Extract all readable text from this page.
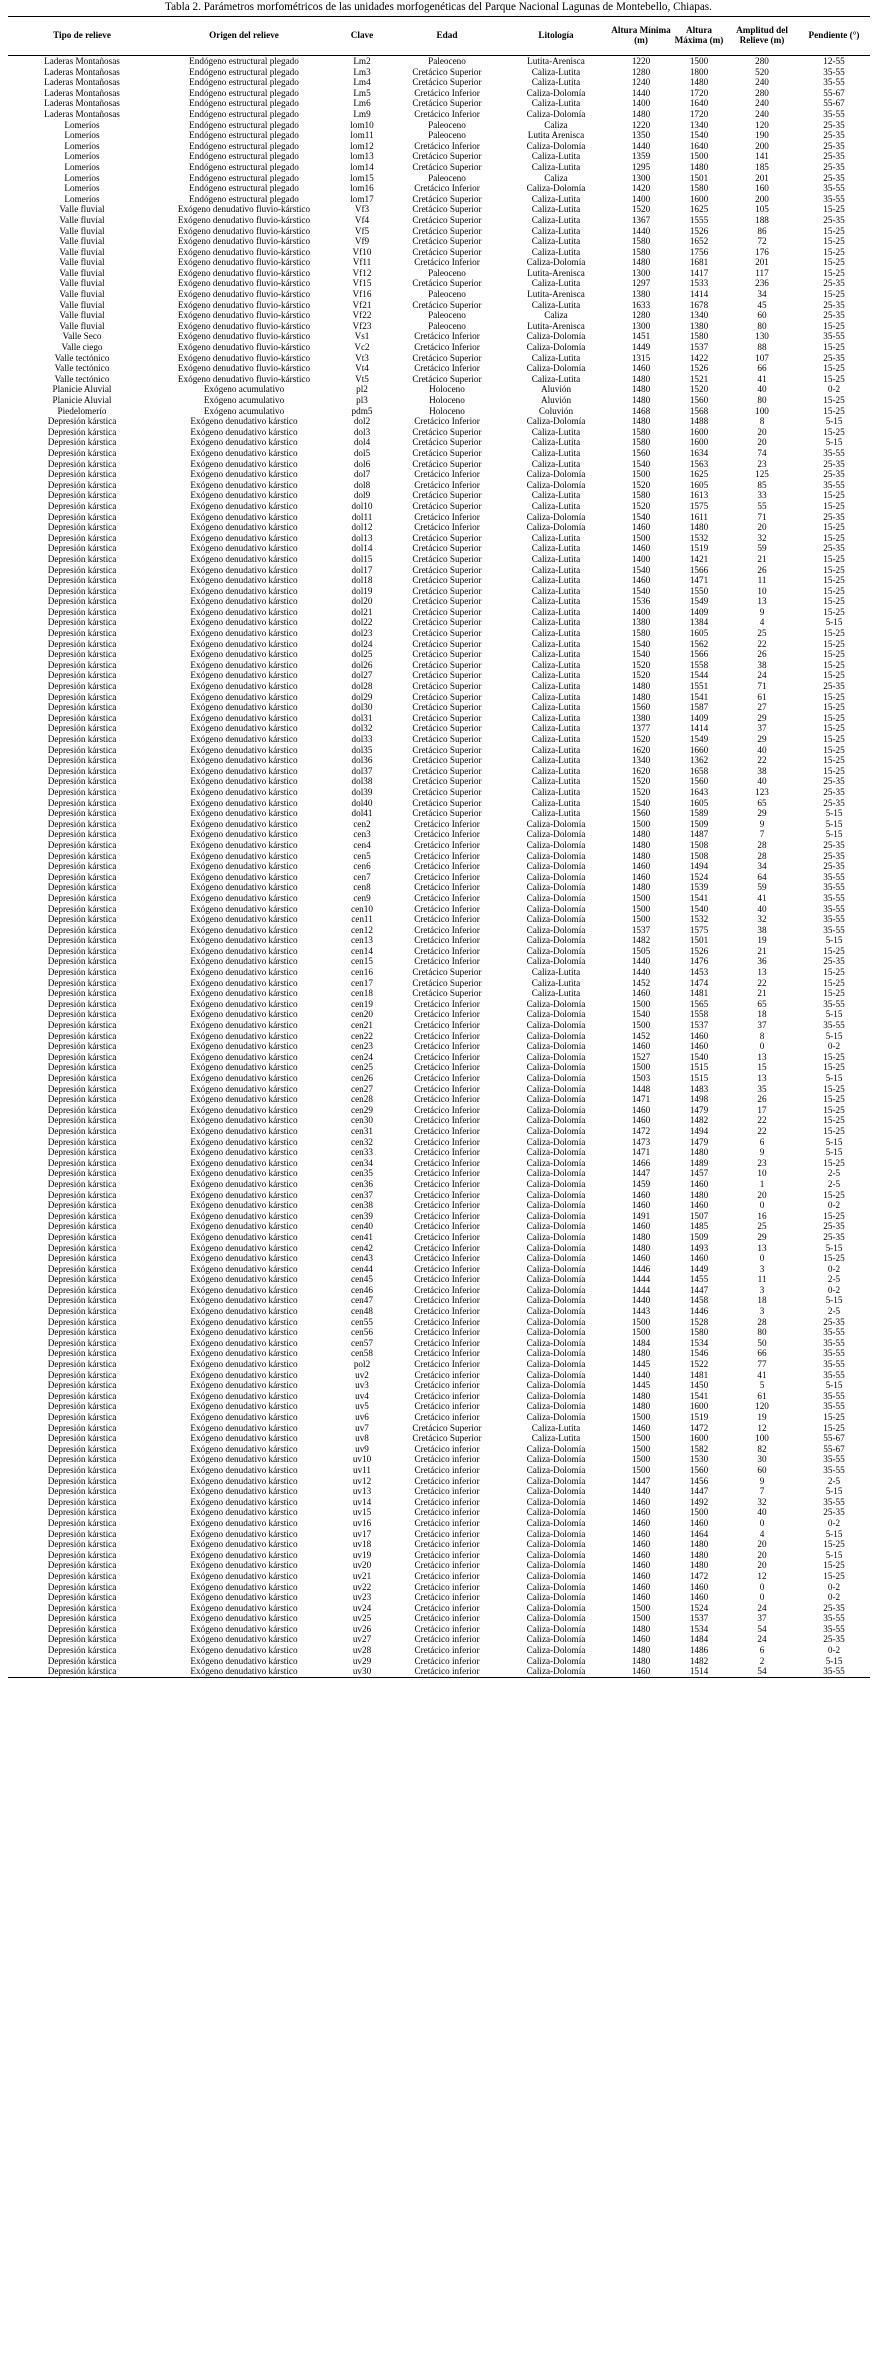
Tabla 2. Parámetros morfométricos de las unidades morfogenéticas del Parque Nacional Lagunas de Montebello, Chiapas.
Tipo de relieve	Origen del relieve	Clave	Edad	Litología	Altura Mínima (m)	Altura Máxima (m)	Amplitud del Relieve (m)	Pendiente (°)
Laderas Montañosas	Endógeno estructural plegado	Lm2	Paleoceno	Lutita-Arenisca	1220	1500	280	12-55
Laderas Montañosas	Endógeno estructural plegado	Lm3	Cretácico Superior	Caliza-Lutita	1280	1800	520	35-55
Laderas Montañosas	Endógeno estructural plegado	Lm4	Cretácico Superior	Caliza-Lutita	1240	1480	240	35-55
Laderas Montañosas	Endógeno estructural plegado	Lm5	Cretácico Inferior	Caliza-Dolomía	1440	1720	280	55-67
Laderas Montañosas	Endógeno estructural plegado	Lm6	Cretácico Superior	Caliza-Lutita	1400	1640	240	55-67
Laderas Montañosas	Endógeno estructural plegado	Lm9	Cretácico Inferior	Caliza-Dolomía	1480	1720	240	35-55
Lomeríos	Endógeno estructural plegado	lom10	Paleoceno	Caliza	1220	1340	120	25-35
Lomeríos	Endógeno estructural plegado	lom11	Paleoceno	Lutita Arenisca	1350	1540	190	25-35
Lomeríos	Endógeno estructural plegado	lom12	Cretácico Inferior	Caliza-Dolomía	1440	1640	200	25-35
Lomeríos	Endógeno estructural plegado	lom13	Cretácico Superior	Caliza-Lutita	1359	1500	141	25-35
Lomeríos	Endógeno estructural plegado	lom14	Cretácico Superior	Caliza-Lutita	1295	1480	185	25-35
Lomeríos	Endógeno estructural plegado	lom15	Paleoceno	Caliza	1300	1501	201	25-35
Lomeríos	Endógeno estructural plegado	lom16	Cretácico Inferior	Caliza-Dolomía	1420	1580	160	35-55
Lomeríos	Endógeno estructural plegado	lom17	Cretácico Superior	Caliza-Lutita	1400	1600	200	35-55
Valle fluvial	Exógeno denudativo fluvio-kárstico	Vf3	Cretácico Superior	Caliza-Lutita	1520	1625	105	15-25
Valle fluvial	Exógeno denudativo fluvio-kárstico	Vf4	Cretácico Superior	Caliza-Lutita	1367	1555	188	25-35
Valle fluvial	Exógeno denudativo fluvio-kárstico	Vf5	Cretácico Superior	Caliza-Lutita	1440	1526	86	15-25
Valle fluvial	Exógeno denudativo fluvio-kárstico	Vf9	Cretácico Superior	Caliza-Lutita	1580	1652	72	15-25
Valle fluvial	Exógeno denudativo fluvio-kárstico	Vf10	Cretácico Superior	Caliza-Lutita	1580	1756	176	15-25
Valle fluvial	Exógeno denudativo fluvio-kárstico	Vf11	Cretácico Inferior	Caliza-Dolomía	1480	1681	201	15-25
Valle fluvial	Exógeno denudativo fluvio-kárstico	Vf12	Paleoceno	Lutita-Arenisca	1300	1417	117	15-25
Valle fluvial	Exógeno denudativo fluvio-kárstico	Vf15	Cretácico Superior	Caliza-Lutita	1297	1533	236	25-35
Valle fluvial	Exógeno denudativo fluvio-kárstico	Vf16	Paleoceno	Lutita-Arenisca	1380	1414	34	15-25
Valle fluvial	Exógeno denudativo fluvio-kárstico	Vf21	Cretácico Superior	Caliza-Lutita	1633	1678	45	25-35
Valle fluvial	Exógeno denudativo fluvio-kárstico	Vf22	Paleoceno	Caliza	1280	1340	60	25-35
Valle fluvial	Exógeno denudativo fluvio-kárstico	Vf23	Paleoceno	Lutita-Arenisca	1300	1380	80	15-25
Valle Seco	Exógeno denudativo fluvio-kárstico	Vs1	Cretácico Inferior	Caliza-Dolomía	1451	1580	130	35-55
Valle ciego	Exógeno denudativo fluvio-kárstico	Vc2	Cretácico Inferior	Caliza-Dolomía	1449	1537	88	15-25
Valle tectónico	Exógeno denudativo fluvio-kárstico	Vt3	Cretácico Superior	Caliza-Lutita	1315	1422	107	25-35
Valle tectónico	Exógeno denudativo fluvio-kárstico	Vt4	Cretácico Inferior	Caliza-Dolomía	1460	1526	66	15-25
Valle tectónico	Exógeno denudativo fluvio-kárstico	Vt5	Cretácico Superior	Caliza-Lutita	1480	1521	41	15-25
Planicie Aluvial	Exógeno acumulativo	pl2	Holoceno	Aluvión	1480	1520	40	0-2
Planicie Aluvial	Exógeno acumulativo	pl3	Holoceno	Aluvión	1480	1560	80	15-25
Piedelomerío	Exógeno acumulativo	pdm5	Holoceno	Coluvión	1468	1568	100	15-25
Depresión kárstica	Exógeno denudativo kárstico	dol2	Cretácico Inferior	Caliza-Dolomía	1480	1488	8	5-15
Depresión kárstica	Exógeno denudativo kárstico	dol3	Cretácico Superior	Caliza-Lutita	1580	1600	20	15-25
Depresión kárstica	Exógeno denudativo kárstico	dol4	Cretácico Superior	Caliza-Lutita	1580	1600	20	5-15
Depresión kárstica	Exógeno denudativo kárstico	dol5	Cretácico Superior	Caliza-Lutita	1560	1634	74	35-55
Depresión kárstica	Exógeno denudativo kárstico	dol6	Cretácico Superior	Caliza-Lutita	1540	1563	23	25-35
Depresión kárstica	Exógeno denudativo kárstico	dol7	Cretácico Inferior	Caliza-Dolomía	1500	1625	125	25-35
Depresión kárstica	Exógeno denudativo kárstico	dol8	Cretácico Inferior	Caliza-Dolomía	1520	1605	85	35-55
Depresión kárstica	Exógeno denudativo kárstico	dol9	Cretácico Superior	Caliza-Lutita	1580	1613	33	15-25
Depresión kárstica	Exógeno denudativo kárstico	dol10	Cretácico Superior	Caliza-Lutita	1520	1575	55	15-25
Depresión kárstica	Exógeno denudativo kárstico	dol11	Cretácico Inferior	Caliza-Dolomía	1540	1611	71	25-35
Depresión kárstica	Exógeno denudativo kárstico	dol12	Cretácico Inferior	Caliza-Dolomía	1460	1480	20	15-25
Depresión kárstica	Exógeno denudativo kárstico	dol13	Cretácico Superior	Caliza-Lutita	1500	1532	32	15-25
Depresión kárstica	Exógeno denudativo kárstico	dol14	Cretácico Superior	Caliza-Lutita	1460	1519	59	25-35
Depresión kárstica	Exógeno denudativo kárstico	dol15	Cretácico Superior	Caliza-Lutita	1400	1421	21	15-25
Depresión kárstica	Exógeno denudativo kárstico	dol17	Cretácico Superior	Caliza-Lutita	1540	1566	26	15-25
Depresión kárstica	Exógeno denudativo kárstico	dol18	Cretácico Superior	Caliza-Lutita	1460	1471	11	15-25
Depresión kárstica	Exógeno denudativo kárstico	dol19	Cretácico Superior	Caliza-Lutita	1540	1550	10	15-25
Depresión kárstica	Exógeno denudativo kárstico	dol20	Cretácico Superior	Caliza-Lutita	1536	1549	13	15-25
Depresión kárstica	Exógeno denudativo kárstico	dol21	Cretácico Superior	Caliza-Lutita	1400	1409	9	15-25
Depresión kárstica	Exógeno denudativo kárstico	dol22	Cretácico Superior	Caliza-Lutita	1380	1384	4	5-15
Depresión kárstica	Exógeno denudativo kárstico	dol23	Cretácico Superior	Caliza-Lutita	1580	1605	25	15-25
Depresión kárstica	Exógeno denudativo kárstico	dol24	Cretácico Superior	Caliza-Lutita	1540	1562	22	15-25
Depresión kárstica	Exógeno denudativo kárstico	dol25	Cretácico Superior	Caliza-Lutita	1540	1566	26	15-25
Depresión kárstica	Exógeno denudativo kárstico	dol26	Cretácico Superior	Caliza-Lutita	1520	1558	38	15-25
Depresión kárstica	Exógeno denudativo kárstico	dol27	Cretácico Superior	Caliza-Lutita	1520	1544	24	15-25
Depresión kárstica	Exógeno denudativo kárstico	dol28	Cretácico Superior	Caliza-Lutita	1480	1551	71	25-35
Depresión kárstica	Exógeno denudativo kárstico	dol29	Cretácico Superior	Caliza-Lutita	1480	1541	61	15-25
Depresión kárstica	Exógeno denudativo kárstico	dol30	Cretácico Superior	Caliza-Lutita	1560	1587	27	15-25
Depresión kárstica	Exógeno denudativo kárstico	dol31	Cretácico Superior	Caliza-Lutita	1380	1409	29	15-25
Depresión kárstica	Exógeno denudativo kárstico	dol32	Cretácico Superior	Caliza-Lutita	1377	1414	37	15-25
Depresión kárstica	Exógeno denudativo kárstico	dol33	Cretácico Superior	Caliza-Lutita	1520	1549	29	15-25
Depresión kárstica	Exógeno denudativo kárstico	dol35	Cretácico Superior	Caliza-Lutita	1620	1660	40	15-25
Depresión kárstica	Exógeno denudativo kárstico	dol36	Cretácico Superior	Caliza-Lutita	1340	1362	22	15-25
Depresión kárstica	Exógeno denudativo kárstico	dol37	Cretácico Superior	Caliza-Lutita	1620	1658	38	15-25
Depresión kárstica	Exógeno denudativo kárstico	dol38	Cretácico Superior	Caliza-Lutita	1520	1560	40	25-35
Depresión kárstica	Exógeno denudativo kárstico	dol39	Cretácico Superior	Caliza-Lutita	1520	1643	123	25-35
Depresión kárstica	Exógeno denudativo kárstico	dol40	Cretácico Superior	Caliza-Lutita	1540	1605	65	25-35
Depresión kárstica	Exógeno denudativo kárstico	dol41	Cretácico Superior	Caliza-Lutita	1560	1589	29	5-15
Depresión kárstica	Exógeno denudativo kárstico	cen2	Cretácico Inferior	Caliza-Dolomía	1500	1509	9	5-15
Depresión kárstica	Exógeno denudativo kárstico	cen3	Cretácico Inferior	Caliza-Dolomía	1480	1487	7	5-15
Depresión kárstica	Exógeno denudativo kárstico	cen4	Cretácico Inferior	Caliza-Dolomía	1480	1508	28	25-35
Depresión kárstica	Exógeno denudativo kárstico	cen5	Cretácico Inferior	Caliza-Dolomía	1480	1508	28	25-35
Depresión kárstica	Exógeno denudativo kárstico	cen6	Cretácico Inferior	Caliza-Dolomía	1460	1494	34	25-35
Depresión kárstica	Exógeno denudativo kárstico	cen7	Cretácico Inferior	Caliza-Dolomía	1460	1524	64	35-55
Depresión kárstica	Exógeno denudativo kárstico	cen8	Cretácico Inferior	Caliza-Dolomía	1480	1539	59	35-55
Depresión kárstica	Exógeno denudativo kárstico	cen9	Cretácico Inferior	Caliza-Dolomía	1500	1541	41	35-55
Depresión kárstica	Exógeno denudativo kárstico	cen10	Cretácico Inferior	Caliza-Dolomía	1500	1540	40	35-55
Depresión kárstica	Exógeno denudativo kárstico	cen11	Cretácico Inferior	Caliza-Dolomía	1500	1532	32	35-55
Depresión kárstica	Exógeno denudativo kárstico	cen12	Cretácico Inferior	Caliza-Dolomía	1537	1575	38	35-55
Depresión kárstica	Exógeno denudativo kárstico	cen13	Cretácico Inferior	Caliza-Dolomía	1482	1501	19	5-15
Depresión kárstica	Exógeno denudativo kárstico	cen14	Cretácico Inferior	Caliza-Dolomía	1505	1526	21	15-25
Depresión kárstica	Exógeno denudativo kárstico	cen15	Cretácico Inferior	Caliza-Dolomía	1440	1476	36	25-35
Depresión kárstica	Exógeno denudativo kárstico	cen16	Cretácico Superior	Caliza-Lutita	1440	1453	13	15-25
Depresión kárstica	Exógeno denudativo kárstico	cen17	Cretácico Superior	Caliza-Lutita	1452	1474	22	15-25
Depresión kárstica	Exógeno denudativo kárstico	cen18	Cretácico Superior	Caliza-Lutita	1460	1481	21	15-25
Depresión kárstica	Exógeno denudativo kárstico	cen19	Cretácico Inferior	Caliza-Dolomía	1500	1565	65	35-55
Depresión kárstica	Exógeno denudativo kárstico	cen20	Cretácico Inferior	Caliza-Dolomía	1540	1558	18	5-15
Depresión kárstica	Exógeno denudativo kárstico	cen21	Cretácico Inferior	Caliza-Dolomía	1500	1537	37	35-55
Depresión kárstica	Exógeno denudativo kárstico	cen22	Cretácico Inferior	Caliza-Dolomía	1452	1460	8	5-15
Depresión kárstica	Exógeno denudativo kárstico	cen23	Cretácico Inferior	Caliza-Dolomía	1460	1460	0	0-2
Depresión kárstica	Exógeno denudativo kárstico	cen24	Cretácico Inferior	Caliza-Dolomía	1527	1540	13	15-25
Depresión kárstica	Exógeno denudativo kárstico	cen25	Cretácico Inferior	Caliza-Dolomía	1500	1515	15	15-25
Depresión kárstica	Exógeno denudativo kárstico	cen26	Cretácico Inferior	Caliza-Dolomía	1503	1515	13	5-15
Depresión kárstica	Exógeno denudativo kárstico	cen27	Cretácico Inferior	Caliza-Dolomía	1448	1483	35	15-25
Depresión kárstica	Exógeno denudativo kárstico	cen28	Cretácico Inferior	Caliza-Dolomía	1471	1498	26	15-25
Depresión kárstica	Exógeno denudativo kárstico	cen29	Cretácico Inferior	Caliza-Dolomía	1460	1479	17	15-25
Depresión kárstica	Exógeno denudativo kárstico	cen30	Cretácico Inferior	Caliza-Dolomía	1460	1482	22	15-25
Depresión kárstica	Exógeno denudativo kárstico	cen31	Cretácico Inferior	Caliza-Dolomía	1472	1494	22	15-25
Depresión kárstica	Exógeno denudativo kárstico	cen32	Cretácico Inferior	Caliza-Dolomía	1473	1479	6	5-15
Depresión kárstica	Exógeno denudativo kárstico	cen33	Cretácico Inferior	Caliza-Dolomía	1471	1480	9	5-15
Depresión kárstica	Exógeno denudativo kárstico	cen34	Cretácico Inferior	Caliza-Dolomía	1466	1489	23	15-25
Depresión kárstica	Exógeno denudativo kárstico	cen35	Cretácico Inferior	Caliza-Dolomía	1447	1457	10	2-5
Depresión kárstica	Exógeno denudativo kárstico	cen36	Cretácico Inferior	Caliza-Dolomía	1459	1460	1	2-5
Depresión kárstica	Exógeno denudativo kárstico	cen37	Cretácico Inferior	Caliza-Dolomía	1460	1480	20	15-25
Depresión kárstica	Exógeno denudativo kárstico	cen38	Cretácico Inferior	Caliza-Dolomía	1460	1460	0	0-2
Depresión kárstica	Exógeno denudativo kárstico	cen39	Cretácico Inferior	Caliza-Dolomía	1491	1507	16	15-25
Depresión kárstica	Exógeno denudativo kárstico	cen40	Cretácico Inferior	Caliza-Dolomía	1460	1485	25	25-35
Depresión kárstica	Exógeno denudativo kárstico	cen41	Cretácico Inferior	Caliza-Dolomía	1480	1509	29	25-35
Depresión kárstica	Exógeno denudativo kárstico	cen42	Cretácico Inferior	Caliza-Dolomía	1480	1493	13	5-15
Depresión kárstica	Exógeno denudativo kárstico	cen43	Cretácico Inferior	Caliza-Dolomía	1460	1460	0	15-25
Depresión kárstica	Exógeno denudativo kárstico	cen44	Cretácico Inferior	Caliza-Dolomía	1446	1449	3	0-2
Depresión kárstica	Exógeno denudativo kárstico	cen45	Cretácico Inferior	Caliza-Dolomía	1444	1455	11	2-5
Depresión kárstica	Exógeno denudativo kárstico	cen46	Cretácico Inferior	Caliza-Dolomía	1444	1447	3	0-2
Depresión kárstica	Exógeno denudativo kárstico	cen47	Cretácico Inferior	Caliza-Dolomía	1440	1458	18	5-15
Depresión kárstica	Exógeno denudativo kárstico	cen48	Cretácico Inferior	Caliza-Dolomía	1443	1446	3	2-5
Depresión kárstica	Exógeno denudativo kárstico	cen55	Cretácico Inferior	Caliza-Dolomía	1500	1528	28	25-35
Depresión kárstica	Exógeno denudativo kárstico	cen56	Cretácico Inferior	Caliza-Dolomía	1500	1580	80	35-55
Depresión kárstica	Exógeno denudativo kárstico	cen57	Cretácico Inferior	Caliza-Dolomía	1484	1534	50	35-55
Depresión kárstica	Exógeno denudativo kárstico	cen58	Cretácico Inferior	Caliza-Dolomía	1480	1546	66	35-55
Depresión kárstica	Exógeno denudativo kárstico	pol2	Cretácico Inferior	Caliza-Dolomía	1445	1522	77	35-55
Depresión kárstica	Exógeno denudativo kárstico	uv2	Cretácico inferior	Caliza-Dolomía	1440	1481	41	35-55
Depresión kárstica	Exógeno denudativo kárstico	uv3	Cretácico inferior	Caliza-Dolomía	1445	1450	5	5-15
Depresión kárstica	Exógeno denudativo kárstico	uv4	Cretácico inferior	Caliza-Dolomía	1480	1541	61	35-55
Depresión kárstica	Exógeno denudativo kárstico	uv5	Cretácico inferior	Caliza-Dolomía	1480	1600	120	35-55
Depresión kárstica	Exógeno denudativo kárstico	uv6	Cretácico inferior	Caliza-Dolomía	1500	1519	19	15-25
Depresión kárstica	Exógeno denudativo kárstico	uv7	Cretácico Superior	Caliza-Lutita	1460	1472	12	15-25
Depresión kárstica	Exógeno denudativo kárstico	uv8	Cretácico Superior	Caliza-Lutita	1500	1600	100	55-67
Depresión kárstica	Exógeno denudativo kárstico	uv9	Cretácico inferior	Caliza-Dolomía	1500	1582	82	55-67
Depresión kárstica	Exógeno denudativo kárstico	uv10	Cretácico inferior	Caliza-Dolomía	1500	1530	30	35-55
Depresión kárstica	Exógeno denudativo kárstico	uv11	Cretácico inferior	Caliza-Dolomía	1500	1560	60	35-55
Depresión kárstica	Exógeno denudativo kárstico	uv12	Cretácico inferior	Caliza-Dolomía	1447	1456	9	2-5
Depresión kárstica	Exógeno denudativo kárstico	uv13	Cretácico inferior	Caliza-Dolomía	1440	1447	7	5-15
Depresión kárstica	Exógeno denudativo kárstico	uv14	Cretácico inferior	Caliza-Dolomía	1460	1492	32	35-55
Depresión kárstica	Exógeno denudativo kárstico	uv15	Cretácico inferior	Caliza-Dolomía	1460	1500	40	25-35
Depresión kárstica	Exógeno denudativo kárstico	uv16	Cretácico inferior	Caliza-Dolomía	1460	1460	0	0-2
Depresión kárstica	Exógeno denudativo kárstico	uv17	Cretácico inferior	Caliza-Dolomía	1460	1464	4	5-15
Depresión kárstica	Exógeno denudativo kárstico	uv18	Cretácico inferior	Caliza-Dolomía	1460	1480	20	15-25
Depresión kárstica	Exógeno denudativo kárstico	uv19	Cretácico inferior	Caliza-Dolomía	1460	1480	20	5-15
Depresión kárstica	Exógeno denudativo kárstico	uv20	Cretácico inferior	Caliza-Dolomía	1460	1480	20	15-25
Depresión kárstica	Exógeno denudativo kárstico	uv21	Cretácico inferior	Caliza-Dolomía	1460	1472	12	15-25
Depresión kárstica	Exógeno denudativo kárstico	uv22	Cretácico inferior	Caliza-Dolomía	1460	1460	0	0-2
Depresión kárstica	Exógeno denudativo kárstico	uv23	Cretácico inferior	Caliza-Dolomía	1460	1460	0	0-2
Depresión kárstica	Exógeno denudativo kárstico	uv24	Cretácico inferior	Caliza-Dolomía	1500	1524	24	25-35
Depresión kárstica	Exógeno denudativo kárstico	uv25	Cretácico inferior	Caliza-Dolomía	1500	1537	37	35-55
Depresión kárstica	Exógeno denudativo kárstico	uv26	Cretácico inferior	Caliza-Dolomía	1480	1534	54	35-55
Depresión kárstica	Exógeno denudativo kárstico	uv27	Cretácico inferior	Caliza-Dolomía	1460	1484	24	25-35
Depresión kárstica	Exógeno denudativo kárstico	uv28	Cretácico inferior	Caliza-Dolomía	1480	1486	6	0-2
Depresión kárstica	Exógeno denudativo kárstico	uv29	Cretácico inferior	Caliza-Dolomía	1480	1482	2	5-15
Depresión kárstica	Exógeno denudativo kárstico	uv30	Cretácico inferior	Caliza-Dolomía	1460	1514	54	35-55
